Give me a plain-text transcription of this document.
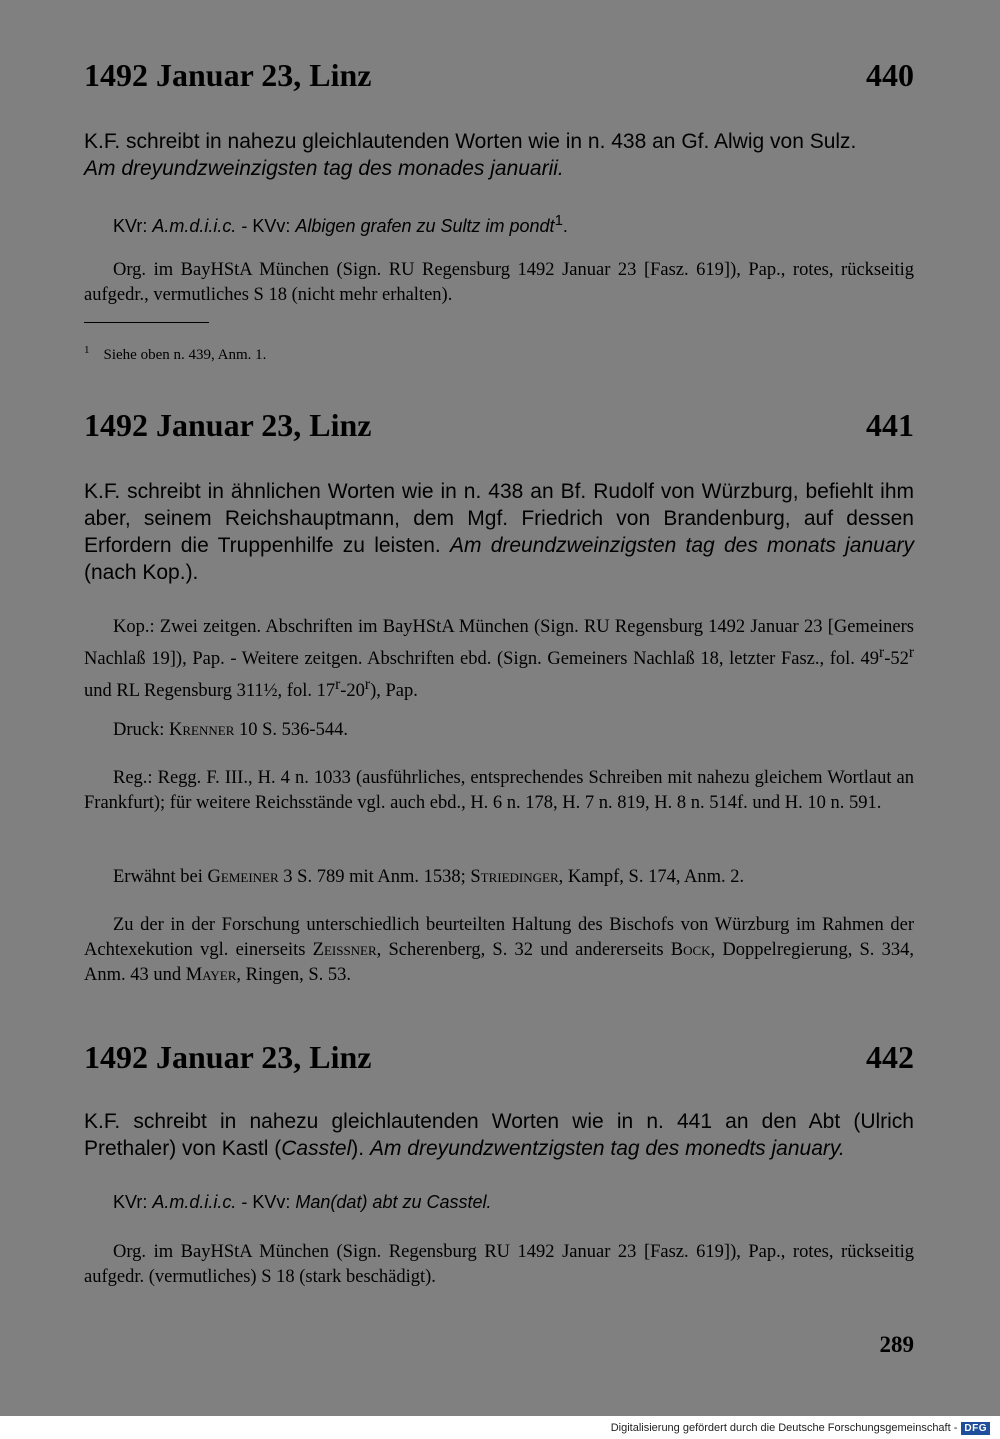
1492 Januar 23, Linz	440
K.F. schreibt in nahezu gleichlautenden Worten wie in n. 438 an Gf. Alwig von Sulz.
Am dreyundzweinzigsten tag des monades januarii.
KVr: A.m.d.i.i.c. - KVv: Albigen grafen zu Sultz im pondt$^1$.
Org. im BayHStA München (Sign. RU Regensburg 1492 Januar 23 [Fasz. 619]), Pap., rotes, rückseitig aufgedr., vermutliches S 18 (nicht mehr erhalten).
$^1$ Siehe oben n. 439, Anm. 1.
1492 Januar 23, Linz	441
K.F. schreibt in ähnlichen Worten wie in n. 438 an Bf. Rudolf von Würzburg, befiehlt ihm aber, seinem Reichshauptmann, dem Mgf. Friedrich von Brandenburg, auf dessen Erfordern die Truppenhilfe zu leisten. Am dreundzweinzigsten tag des monats january (nach Kop.).
Kop.: Zwei zeitgen. Abschriften im BayHStA München (Sign. RU Regensburg 1492 Januar 23 [Gemeiners Nachlaß 19]), Pap. - Weitere zeitgen. Abschriften ebd. (Sign. Gemeiners Nachlaß 18, letzter Fasz., fol. 49$^r$-52$^r$ und RL Regensburg 311½, fol. 17$^r$-20$^r$), Pap.
Druck: Krenner 10 S. 536-544.
Reg.: Regg. F. III., H. 4 n. 1033 (ausführliches, entsprechendes Schreiben mit nahezu gleichem Wortlaut an Frankfurt); für weitere Reichsstände vgl. auch ebd., H. 6 n. 178, H. 7 n. 819, H. 8 n. 514f. und H. 10 n. 591.
Erwähnt bei Gemeiner 3 S. 789 mit Anm. 1538; Striedinger, Kampf, S. 174, Anm. 2.
Zu der in der Forschung unterschiedlich beurteilten Haltung des Bischofs von Würzburg im Rahmen der Achtexekution vgl. einerseits Zeißner, Scherenberg, S. 32 und andererseits Bock, Doppelregierung, S. 334, Anm. 43 und Mayer, Ringen, S. 53.
1492 Januar 23, Linz	442
K.F. schreibt in nahezu gleichlautenden Worten wie in n. 441 an den Abt (Ulrich Prethaler) von Kastl (Casstel). Am dreyundzwentzigsten tag des monedts january.
KVr: A.m.d.i.i.c. - KVv: Man(dat) abt zu Casstel.
Org. im BayHStA München (Sign. Regensburg RU 1492 Januar 23 [Fasz. 619]), Pap., rotes, rückseitig aufgedr. (vermutliches) S 18 (stark beschädigt).
289
Digitalisierung gefördert durch die Deutsche Forschungsgemeinschaft - DFG
